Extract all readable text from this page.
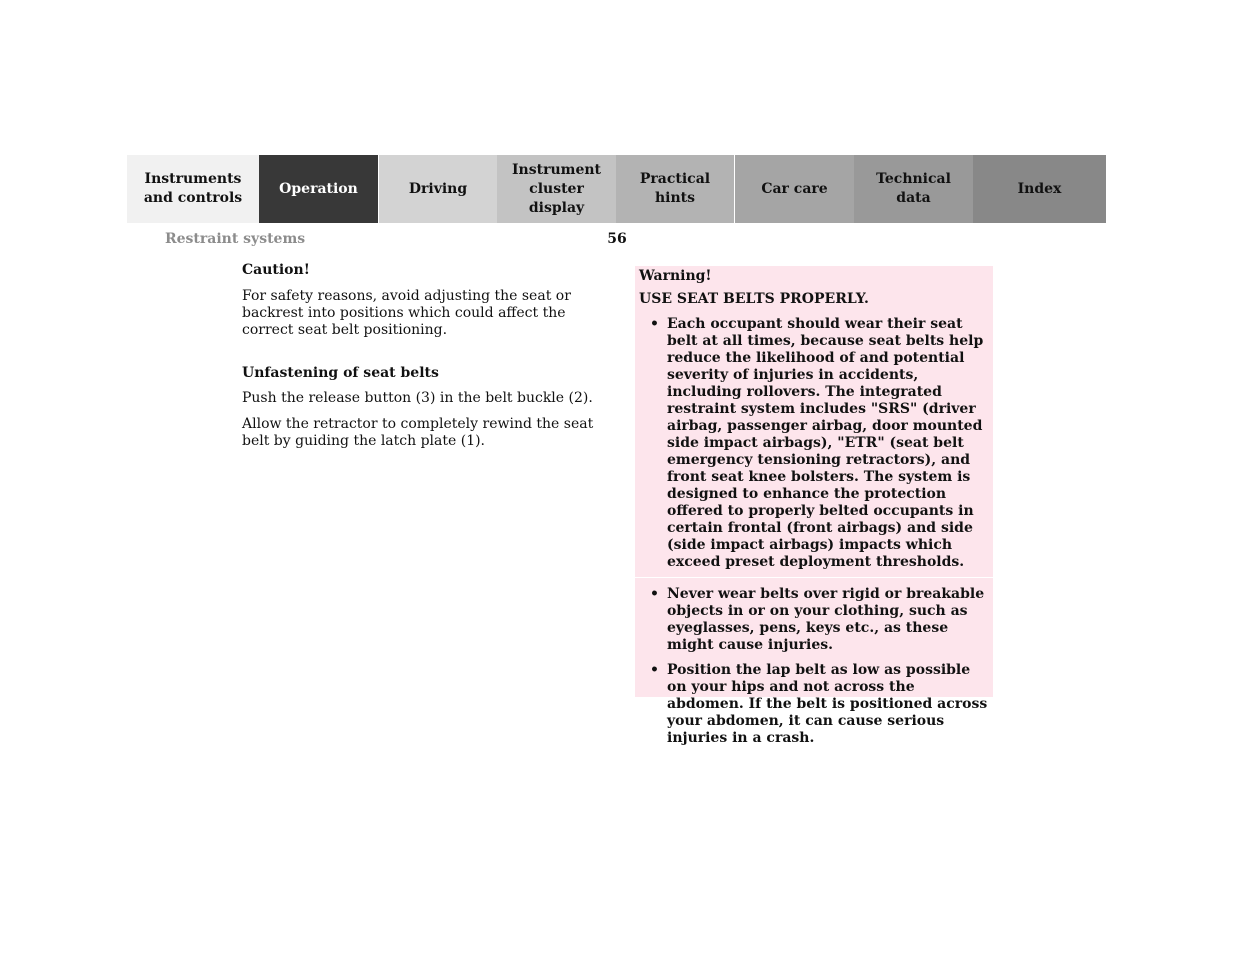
Instruments
and controls
Operation	Driving
Instrument
cluster display
Practical hints
Car care
Technical
data
Index
Restraint systems	56

Caution!

For safety reasons, avoid adjusting the seat or backrest into positions which could affect the correct seat belt positioning.

Unfastening of seat belts

Push the release button (3) in the belt buckle (2).

Allow the retractor to completely rewind the seat belt by guiding the latch plate (1).

Warning!

USE SEAT BELTS PROPERLY.

• Each occupant should wear their seat belt at all times, because seat belts help reduce the likelihood of and potential severity of injuries in accidents, including rollovers. The integrated restraint system includes "SRS" (driver airbag, passenger airbag, door mounted side impact airbags), "ETR" (seat belt emergency tensioning retractors), and front seat knee bolsters. The system is designed to enhance the protection offered to properly belted occupants in certain frontal (front airbags) and side (side impact airbags) impacts which exceed preset deployment thresholds.
• Never wear belts over rigid or breakable objects in or on your clothing, such as eyeglasses, pens, keys etc., as these might cause injuries.
• Position the lap belt as low as possible on your hips and not across the abdomen. If the belt is positioned across your abdomen, it can cause serious injuries in a crash.
